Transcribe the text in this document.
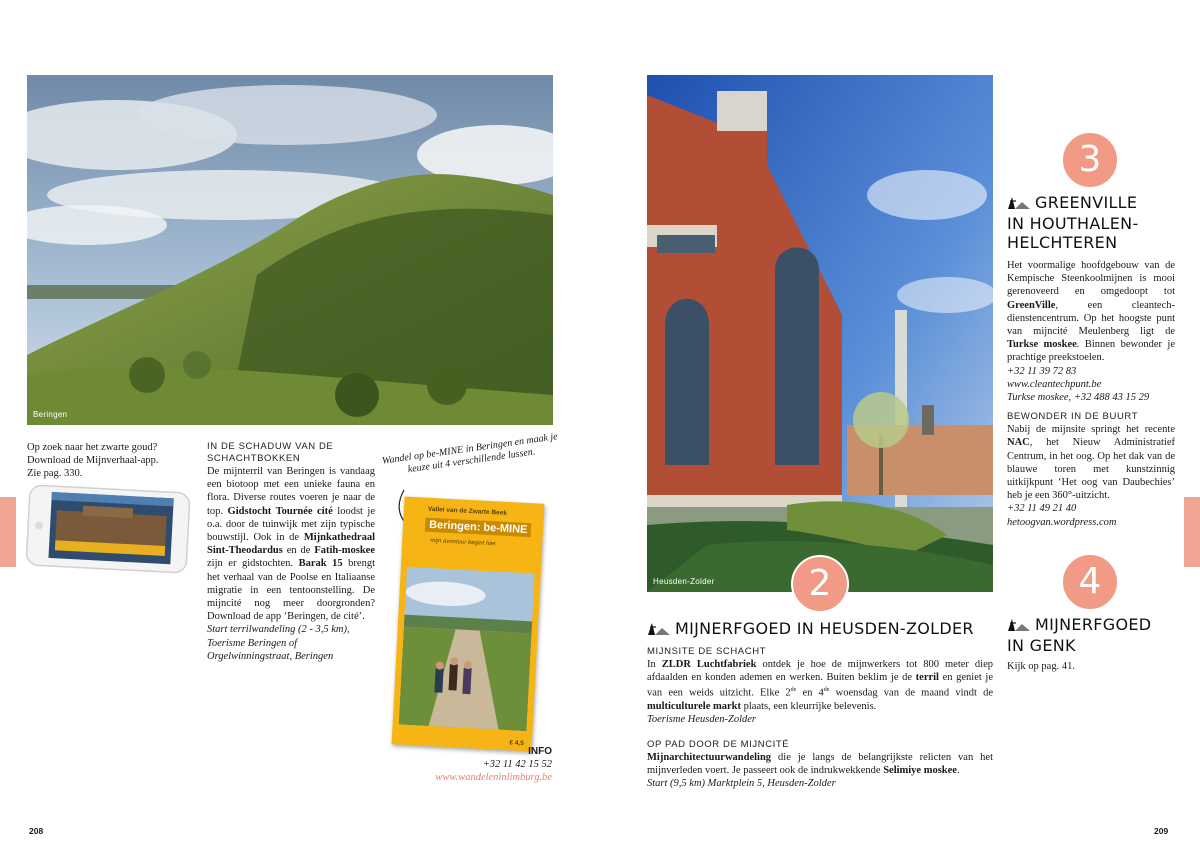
Beringen

Op zoek naar het zwarte goud?

Download de Mijnverhaal-app.

Zie pag. 330.

IN DE SCHADUW VAN DE
SCHACHTBOKKEN
De mijnterril van Beringen is vandaag een biotoop met een unieke fauna en flora. Diverse routes voeren je naar de top. Gidstocht Tournée cité loodst je o.a. door de tuinwijk met zijn typische bouwstijl. Ook in de Mijnkathedraal Sint-Theodardus en de Fatih-moskee zijn er gidstochten. Barak 15 brengt het verhaal van de Poolse en Italiaanse migratie in een tentoonstelling. De mijncité nog meer doorgronden? Download de app ‘Beringen, de cité’.
Start terrilwandeling (2 - 3,5 km),
Toerisme Beringen of
Orgelwinningstraat, Beringen
Wandel op be-MINE in Beringen en maak je keuze uit 4 verschillende lussen.
Vallei van de Zwarte Beek
Beringen: be-MINE
mijn avontuur begint hier
€ 4,5
INFO
+32 11 42 15 52
www.wandeleninlimburg.be
208
Heusden-Zolder	2
MIJNERFGOED IN HEUSDEN-ZOLDER
MIJNSITE DE SCHACHT
In ZLDR Luchtfabriek ontdek je hoe de mijnwerkers tot 800 meter diep afdaalden en konden ademen en werken. Buiten beklim je de terril en geniet je van een weids uitzicht. Elke 2de en 4de woensdag van de maand vindt de multiculturele markt plaats, een kleurrijke belevenis.
Toerisme Heusden-Zolder
OP PAD DOOR DE MIJNCITÉ
Mijnarchitectuurwandeling die je langs de belangrijkste relicten van het mijnverleden voert. Je passeert ook de indrukwekkende Selimiye moskee.
Start (9,5 km) Marktplein 5, Heusden-Zolder
3
GREENVILLE
IN HOUTHALEN-
HELCHTEREN
Het voormalige hoofdgebouw van de Kempische Steenkoolmijnen is mooi gerenoveerd en omgedoopt tot GreenVille, een cleantech-dienstencentrum. Op het hoogste punt van mijncité Meulenberg ligt de Turkse moskee. Binnen bewonder je prachtige preekstoelen.
+32 11 39 72 83
www.cleantechpunt.be
Turkse moskee, +32 488 43 15 29
BEWONDER IN DE BUURT
Nabij de mijnsite springt het recente NAC, het Nieuw Administratief Centrum, in het oog. Op het dak van de blauwe toren met kunstzinnig uitkijkpunt ‘Het oog van Daubechies’ heb je een 360°-uitzicht.
+32 11 49 21 40
hetoogvan.wordpress.com
4
MIJNERFGOED
IN GENK
Kijk op pag. 41.
209
